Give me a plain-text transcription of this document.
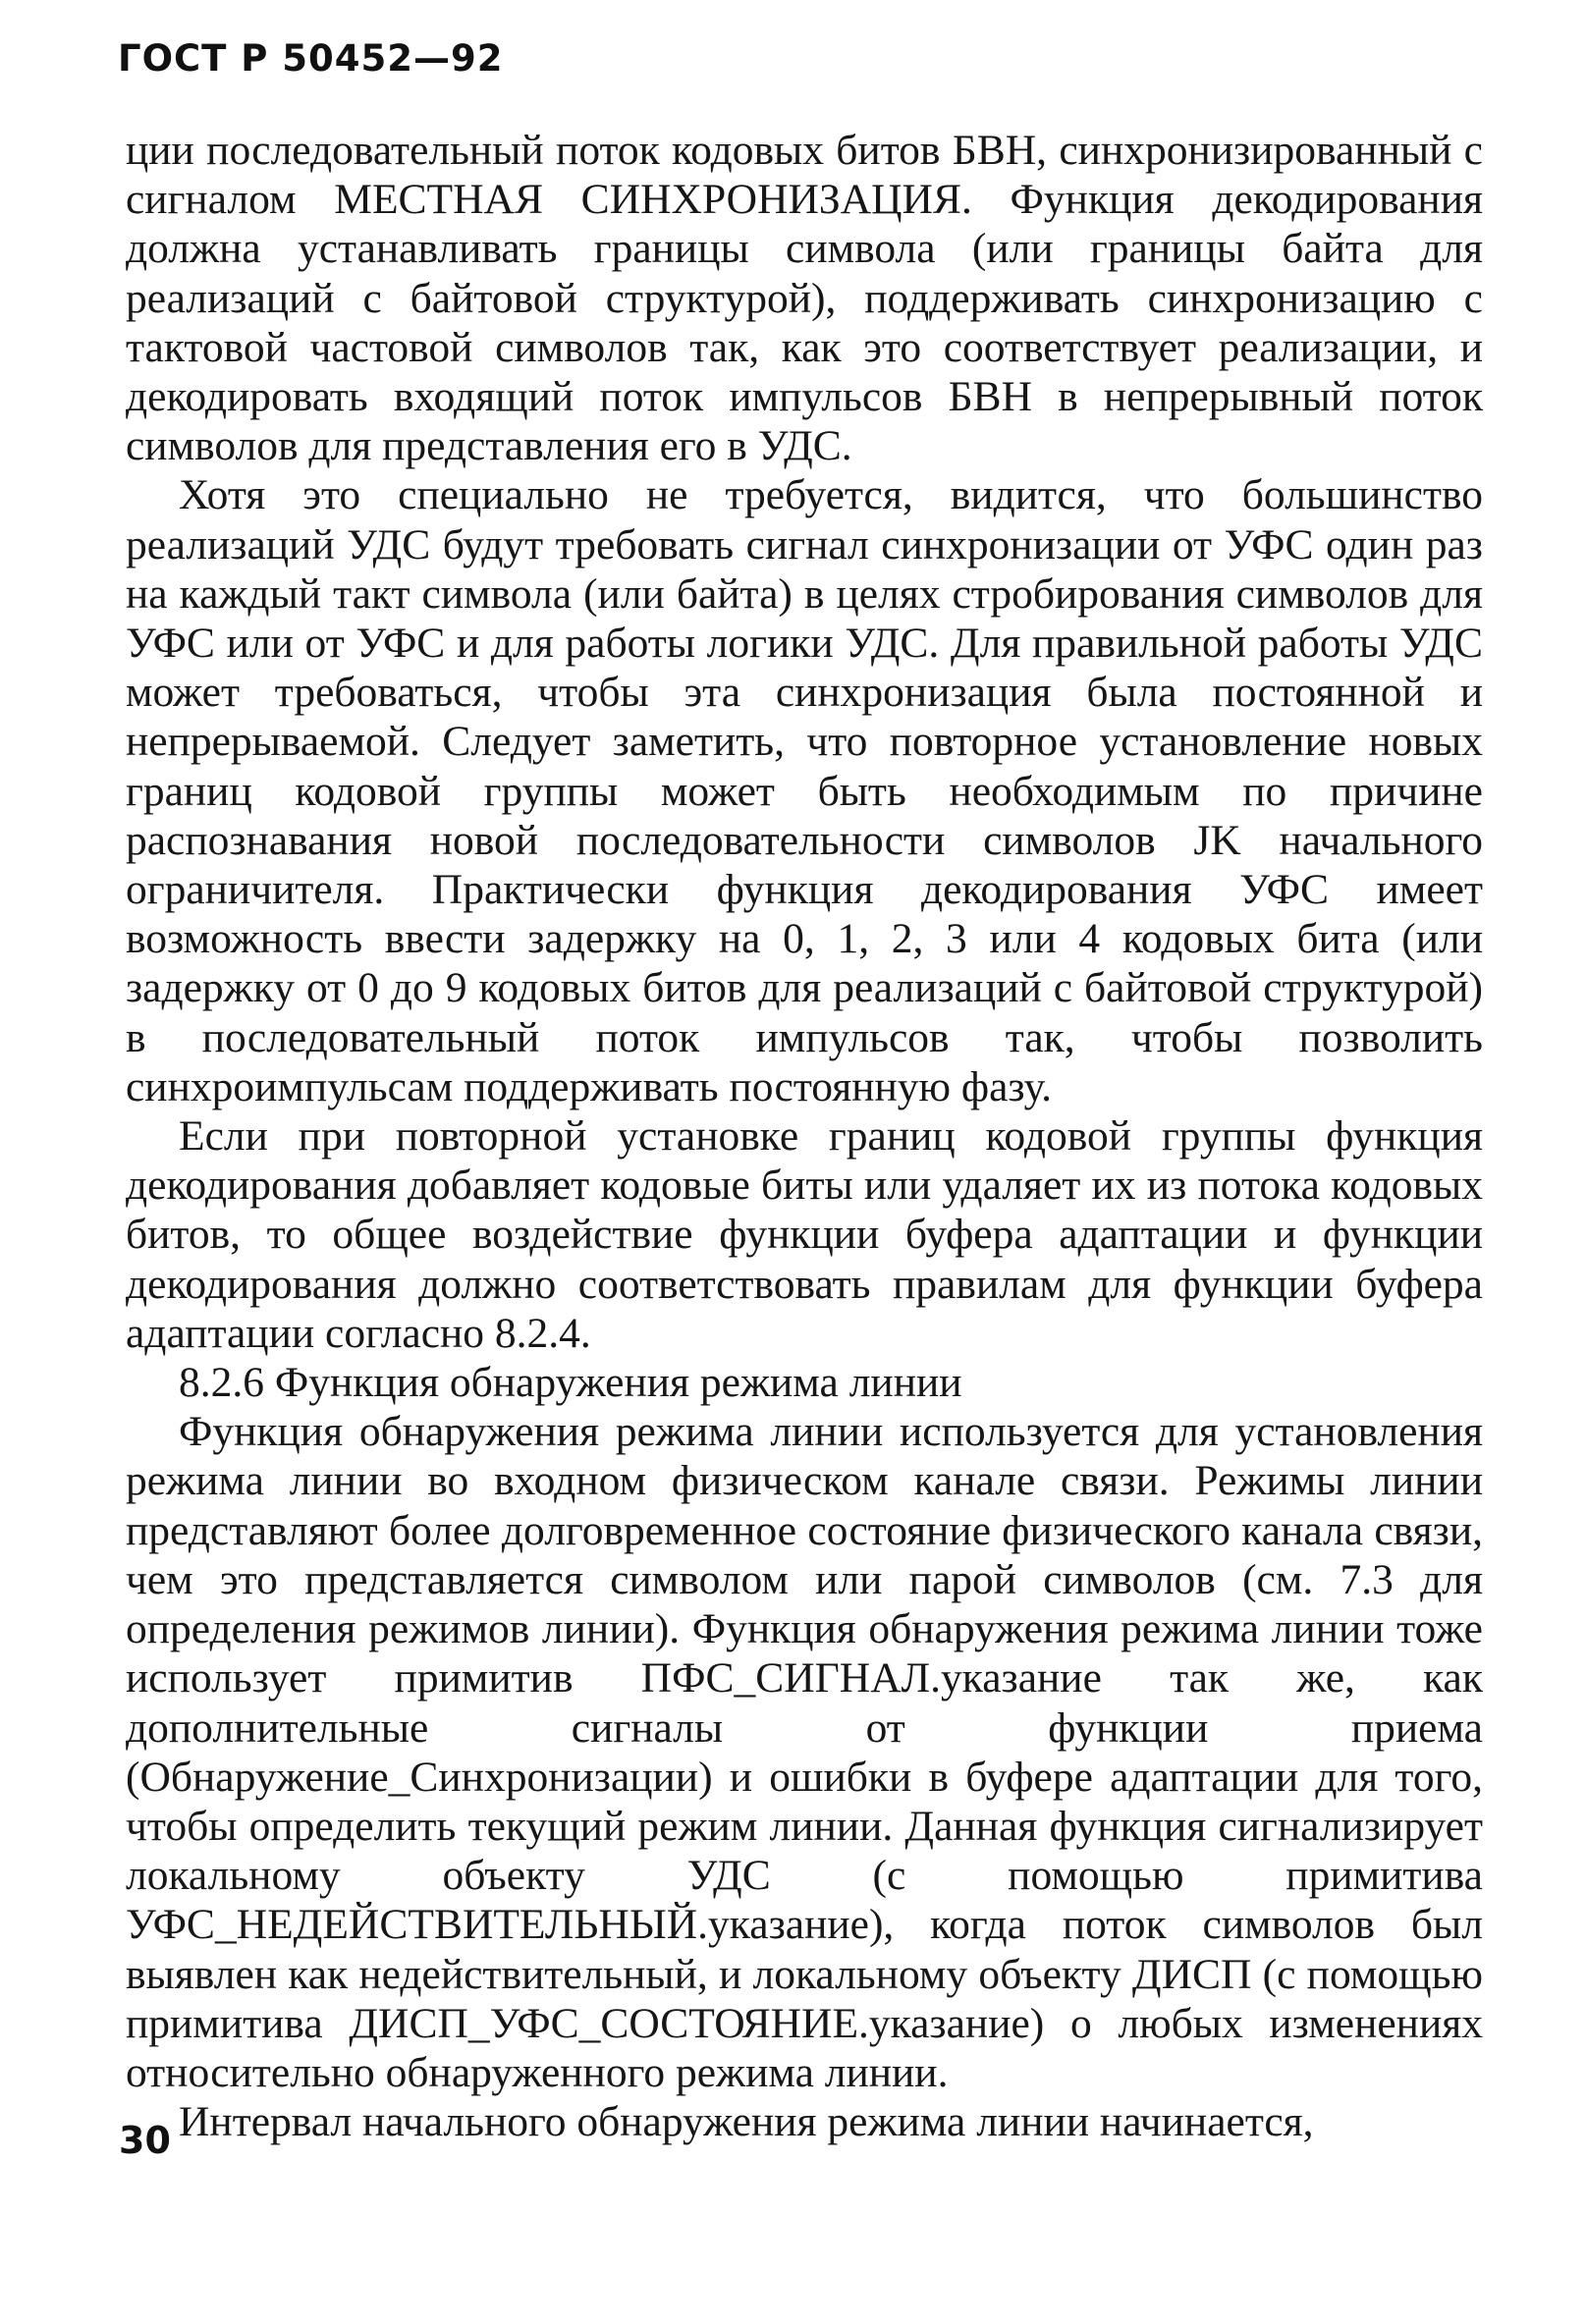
ГОСТ Р 50452—92

ции последовательный поток кодовых битов БВН, синхронизированный с сигналом МЕСТНАЯ СИНХРОНИЗАЦИЯ. Функция декодирования должна устанавливать границы символа (или границы байта для реализаций с байтовой структурой), поддерживать синхронизацию с тактовой частовой символов так, как это соответствует реализации, и декодировать входящий поток импульсов БВН в непрерывный поток символов для представления его в УДС.

Хотя это специально не требуется, видится, что большинство реализаций УДС будут требовать сигнал синхронизации от УФС один раз на каждый такт символа (или байта) в целях стробирования символов для УФС или от УФС и для работы логики УДС. Для правильной работы УДС может требоваться, чтобы эта синхронизация была постоянной и непрерываемой. Следует заметить, что повторное установление новых границ кодовой группы может быть необходимым по причине распознавания новой последовательности символов JK начального ограничителя. Практически функция декодирования УФС имеет возможность ввести задержку на 0, 1, 2, 3 или 4 кодовых бита (или задержку от 0 до 9 кодовых битов для реализаций с байтовой структурой) в последовательный поток импульсов так, чтобы позволить синхроимпульсам поддерживать постоянную фазу.

Если при повторной установке границ кодовой группы функция декодирования добавляет кодовые биты или удаляет их из потока кодовых битов, то общее воздействие функции буфера адаптации и функции декодирования должно соответствовать правилам для функции буфера адаптации согласно 8.2.4.

8.2.6 Функция обнаружения режима линии

Функция обнаружения режима линии используется для установления режима линии во входном физическом канале связи. Режимы линии представляют более долговременное состояние физического канала связи, чем это представляется символом или парой символов (см. 7.3 для определения режимов линии). Функция обнаружения режима линии тоже использует примитив ПФС_СИГНАЛ.указание так же, как дополнительные сигналы от функции приема (Обнаружение_Синхронизации) и ошибки в буфере адаптации для того, чтобы определить текущий режим линии. Данная функция сигнализирует локальному объекту УДС (с помощью примитива УФС_НЕДЕЙСТВИТЕЛЬНЫЙ.указание), когда поток символов был выявлен как недействительный, и локальному объекту ДИСП (с помощью примитива ДИСП_УФС_СОСТОЯНИЕ.указание) о любых изменениях относительно обнаруженного режима линии.

Интервал начального обнаружения режима линии начинается,

30
